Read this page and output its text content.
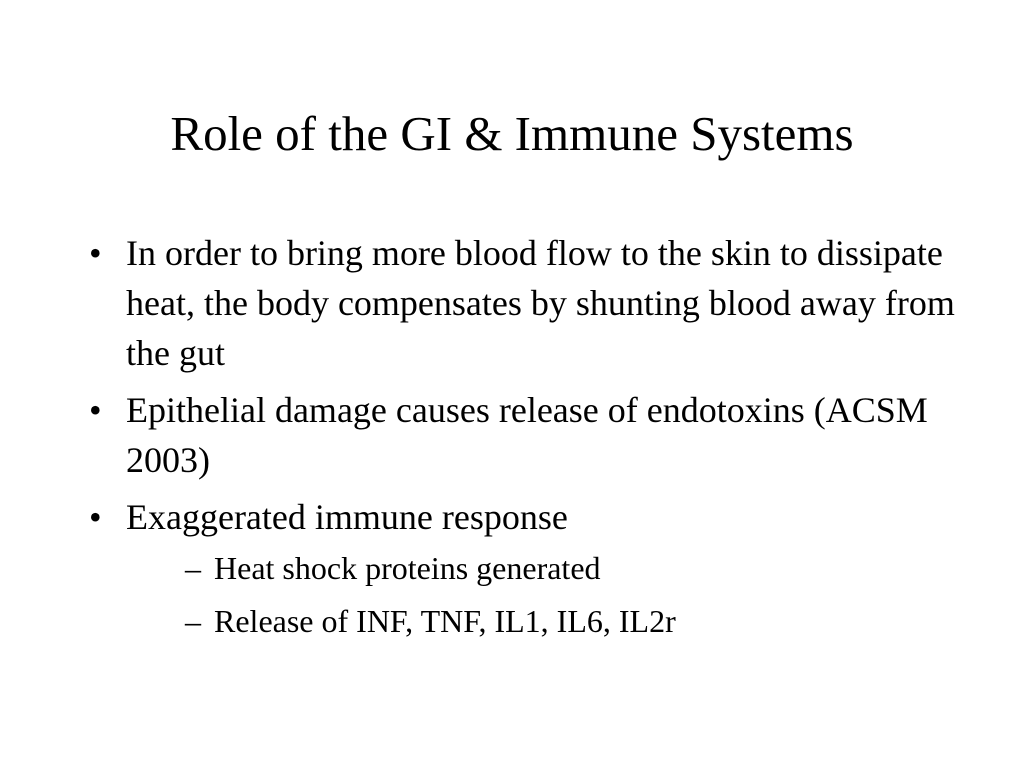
Role of the GI & Immune Systems
• In order to bring more blood flow to the skin to dissipate heat, the body compensates by shunting blood away from the gut
• Epithelial damage causes release of endotoxins (ACSM 2003)
• Exaggerated immune response
– Heat shock proteins generated
– Release of INF, TNF, IL1, IL6, IL2r
